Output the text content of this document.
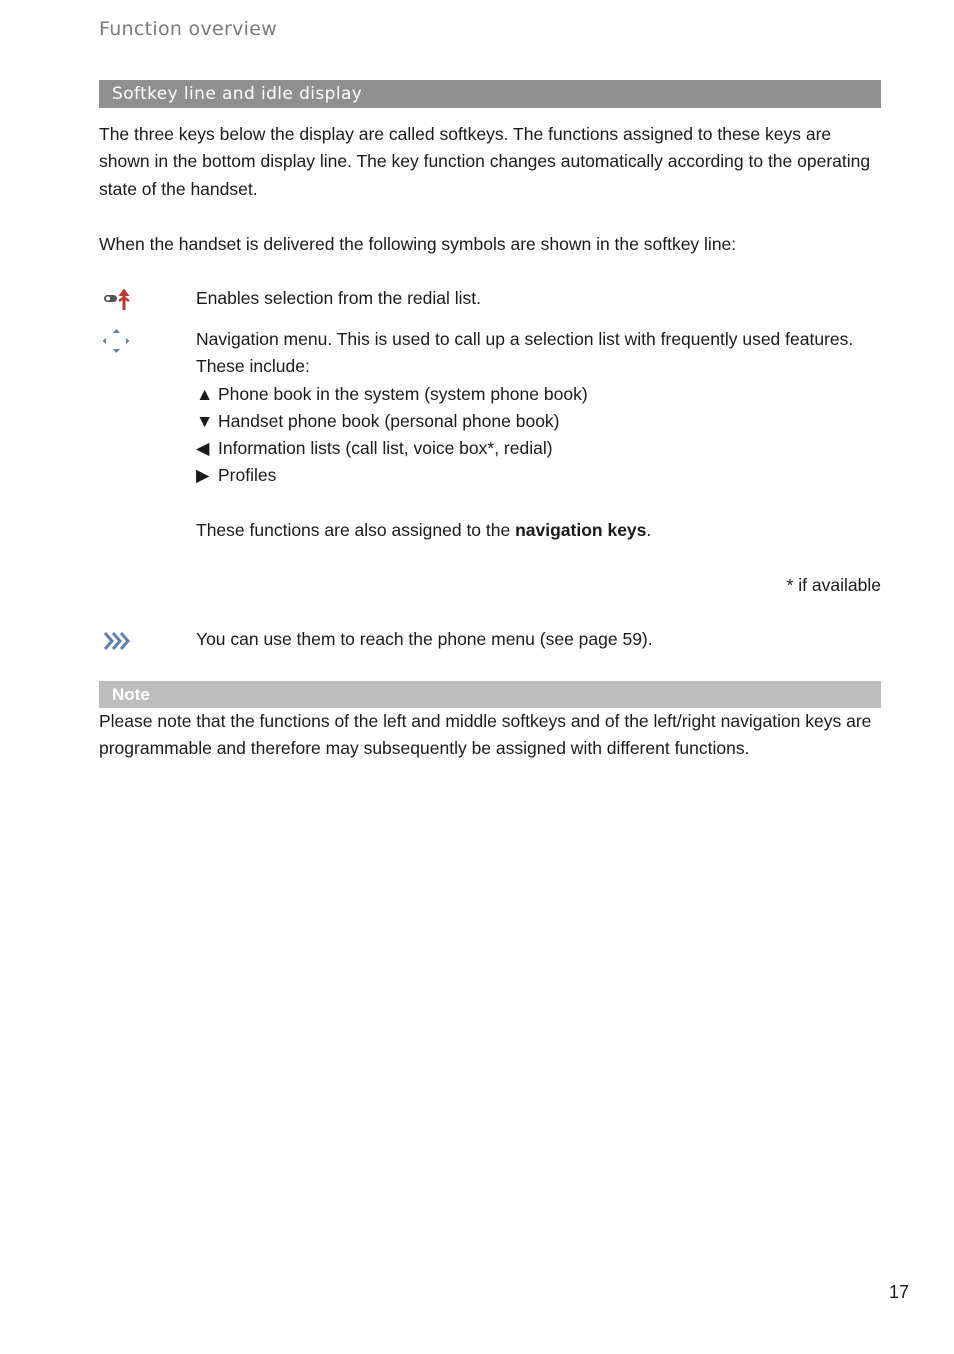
Function overview
Softkey line and idle display

The three keys below the display are called softkeys. The functions assigned to these keys are shown in the bottom display line. The key function changes automatically according to the operating state of the handset.

When the handset is delivered the following symbols are shown in the softkey line:

Enables selection from the redial list.
Navigation menu. This is used to call up a selection list with frequently used features.
These include:
▲ Phone book in the system (system phone book)
▼ Handset phone book (personal phone book)
◀ Information lists (call list, voice box*, redial)
▶ Profiles
These functions are also assigned to the navigation keys.
* if available
You can use them to reach the phone menu (see page 59).
Note

Please note that the functions of the left and middle softkeys and of the left/right navigation keys are programmable and therefore may subsequently be assigned with different functions.

17
